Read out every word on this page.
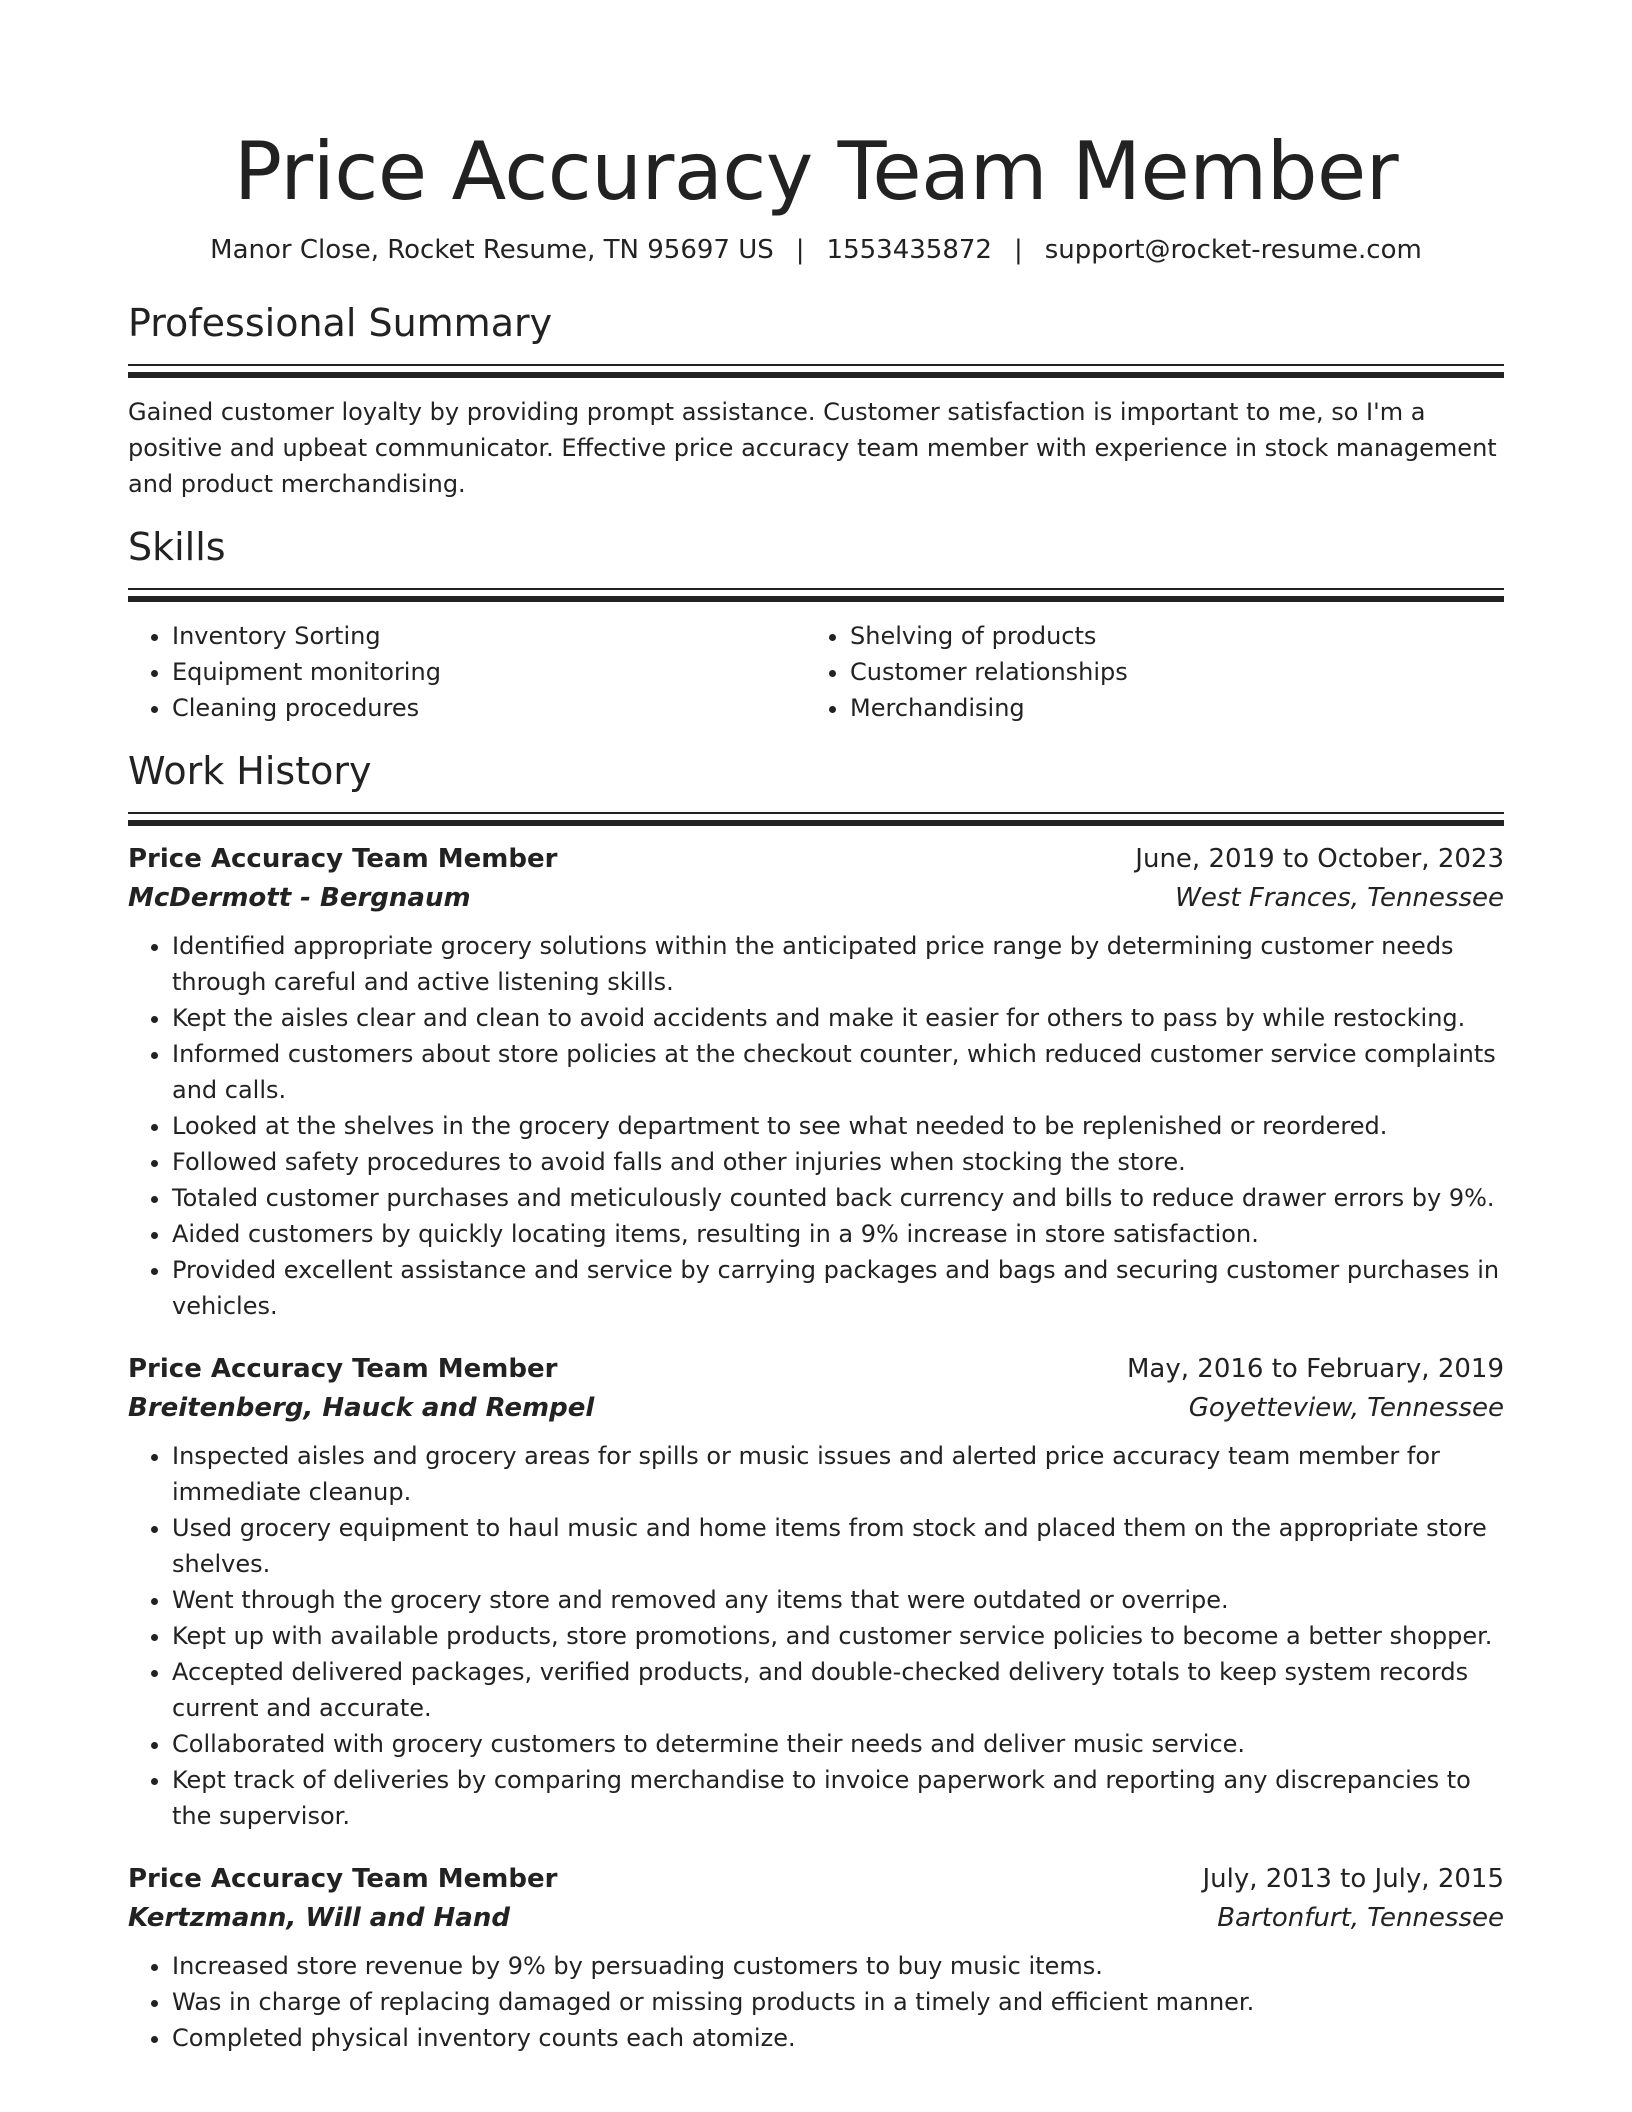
Price Accuracy Team Member
Manor Close, Rocket Resume, TN 95697 US | 1553435872 | support@rocket-resume.com
Professional Summary
Gained customer loyalty by providing prompt assistance. Customer satisfaction is important to me, so I'm a positive and upbeat communicator. Effective price accuracy team member with experience in stock management and product merchandising.
Skills
• Inventory Sorting
• Equipment monitoring
• Cleaning procedures
• Shelving of products
• Customer relationships
• Merchandising
Work History
Price Accuracy Team Member	June, 2019 to October, 2023
McDermott - Bergnaum	West Frances, Tennessee
• Identified appropriate grocery solutions within the anticipated price range by determining customer needs through careful and active listening skills.
• Kept the aisles clear and clean to avoid accidents and make it easier for others to pass by while restocking.
• Informed customers about store policies at the checkout counter, which reduced customer service complaints and calls.
• Looked at the shelves in the grocery department to see what needed to be replenished or reordered.
• Followed safety procedures to avoid falls and other injuries when stocking the store.
• Totaled customer purchases and meticulously counted back currency and bills to reduce drawer errors by 9%.
• Aided customers by quickly locating items, resulting in a 9% increase in store satisfaction.
• Provided excellent assistance and service by carrying packages and bags and securing customer purchases in vehicles.
Price Accuracy Team Member	May, 2016 to February, 2019
Breitenberg, Hauck and Rempel	Goyetteview, Tennessee
• Inspected aisles and grocery areas for spills or music issues and alerted price accuracy team member for immediate cleanup.
• Used grocery equipment to haul music and home items from stock and placed them on the appropriate store shelves.
• Went through the grocery store and removed any items that were outdated or overripe.
• Kept up with available products, store promotions, and customer service policies to become a better shopper.
• Accepted delivered packages, verified products, and double-checked delivery totals to keep system records current and accurate.
• Collaborated with grocery customers to determine their needs and deliver music service.
• Kept track of deliveries by comparing merchandise to invoice paperwork and reporting any discrepancies to the supervisor.
Price Accuracy Team Member	July, 2013 to July, 2015
Kertzmann, Will and Hand	Bartonfurt, Tennessee
• Increased store revenue by 9% by persuading customers to buy music items.
• Was in charge of replacing damaged or missing products in a timely and efficient manner.
• Completed physical inventory counts each atomize.
